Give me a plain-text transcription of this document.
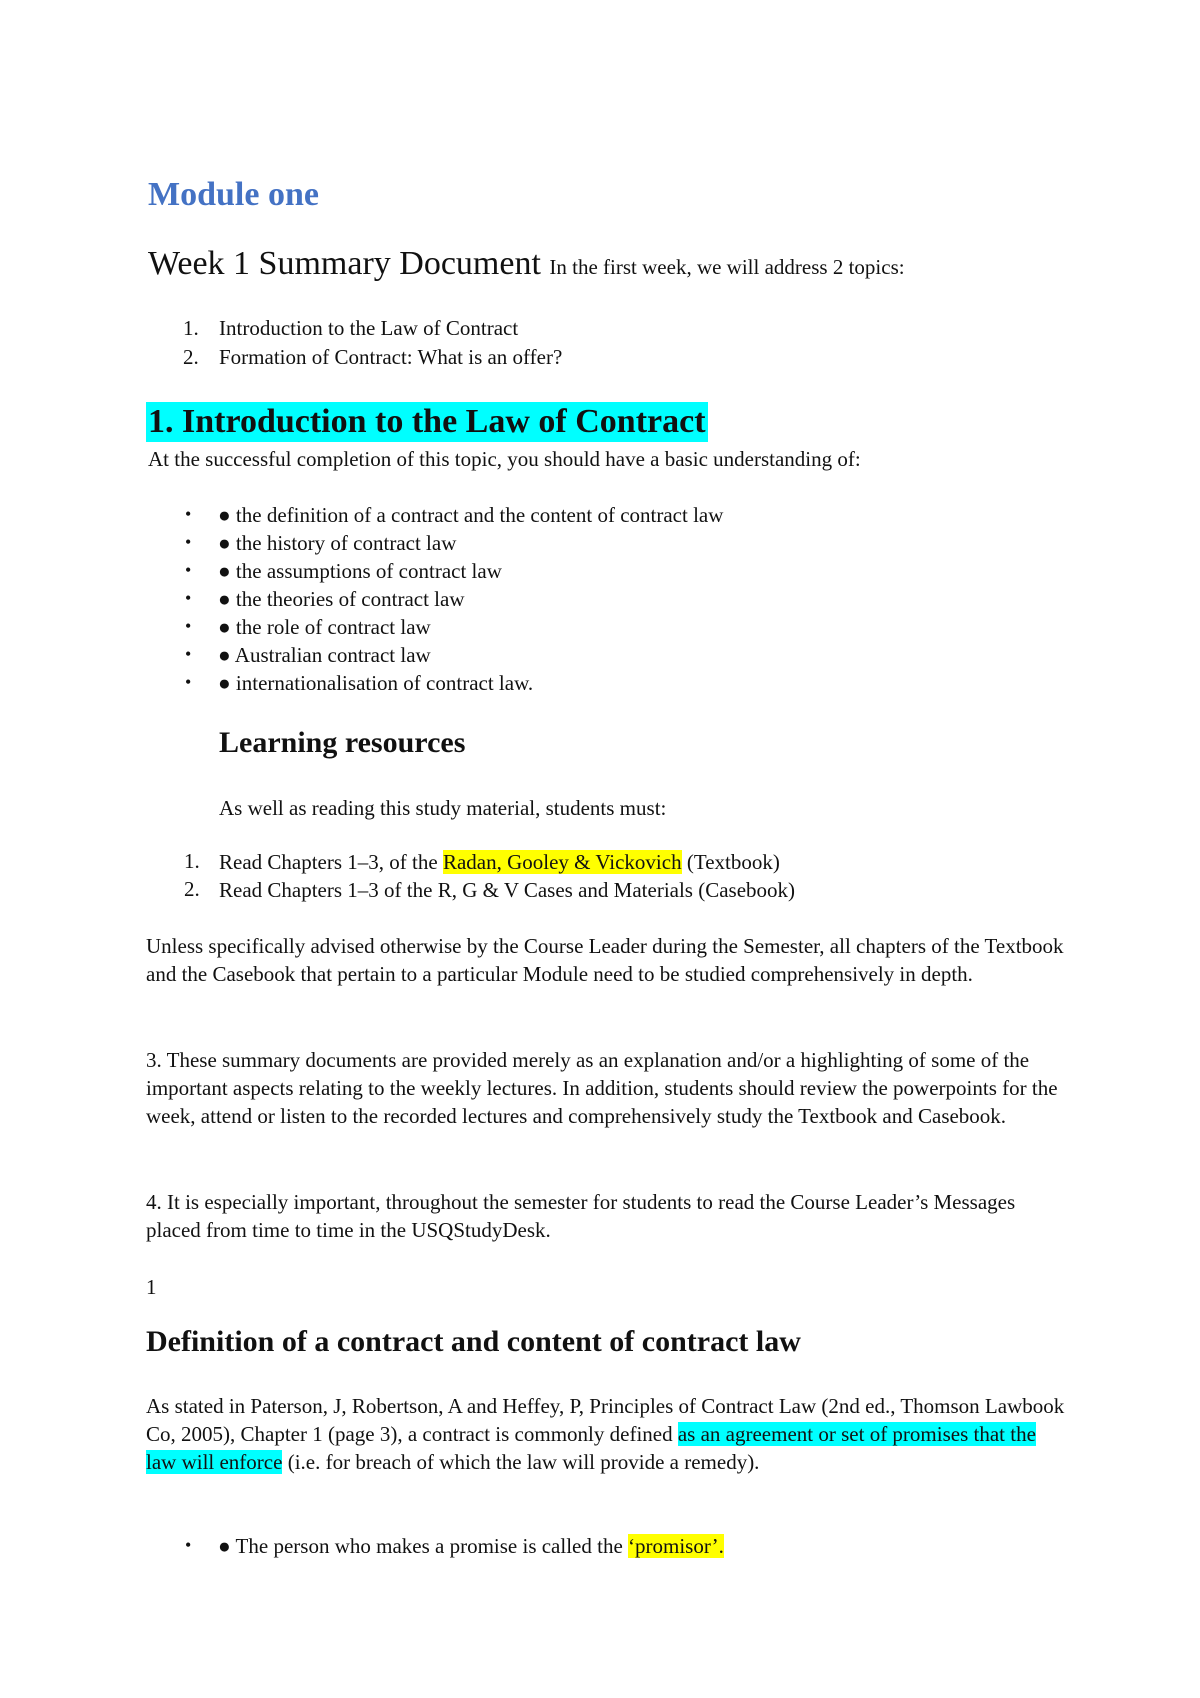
Module one

Week 1 Summary Document In the first week, we will address 2 topics:

1. Introduction to the Law of Contract
2. Formation of Contract: What is an offer?
1. Introduction to the Law of Contract

At the successful completion of this topic, you should have a basic understanding of:

• ● the definition of a contract and the content of contract law
• ● the history of contract law
• ● the assumptions of contract law
• ● the theories of contract law
• ● the role of contract law
• ● Australian contract law
• ● internationalisation of contract law.
Learning resources

As well as reading this study material, students must:

1. Read Chapters 1–3, of the Radan, Gooley & Vickovich (Textbook)
2. Read Chapters 1–3 of the R, G & V Cases and Materials (Casebook)

Unless specifically advised otherwise by the Course Leader during the Semester, all chapters of the Textbook and the Casebook that pertain to a particular Module need to be studied comprehensively in depth.

3. These summary documents are provided merely as an explanation and/or a highlighting of some of the important aspects relating to the weekly lectures. In addition, students should review the powerpoints for the week, attend or listen to the recorded lectures and comprehensively study the Textbook and Casebook.

4. It is especially important, throughout the semester for students to read the Course Leader’s Messages placed from time to time in the USQStudyDesk.

1

Definition of a contract and content of contract law

As stated in Paterson, J, Robertson, A and Heffey, P, Principles of Contract Law (2nd ed., Thomson Lawbook Co, 2005), Chapter 1 (page 3), a contract is commonly defined as an agreement or set of promises that the law will enforce (i.e. for breach of which the law will provide a remedy).

• ● The person who makes a promise is called the ‘promisor’.
